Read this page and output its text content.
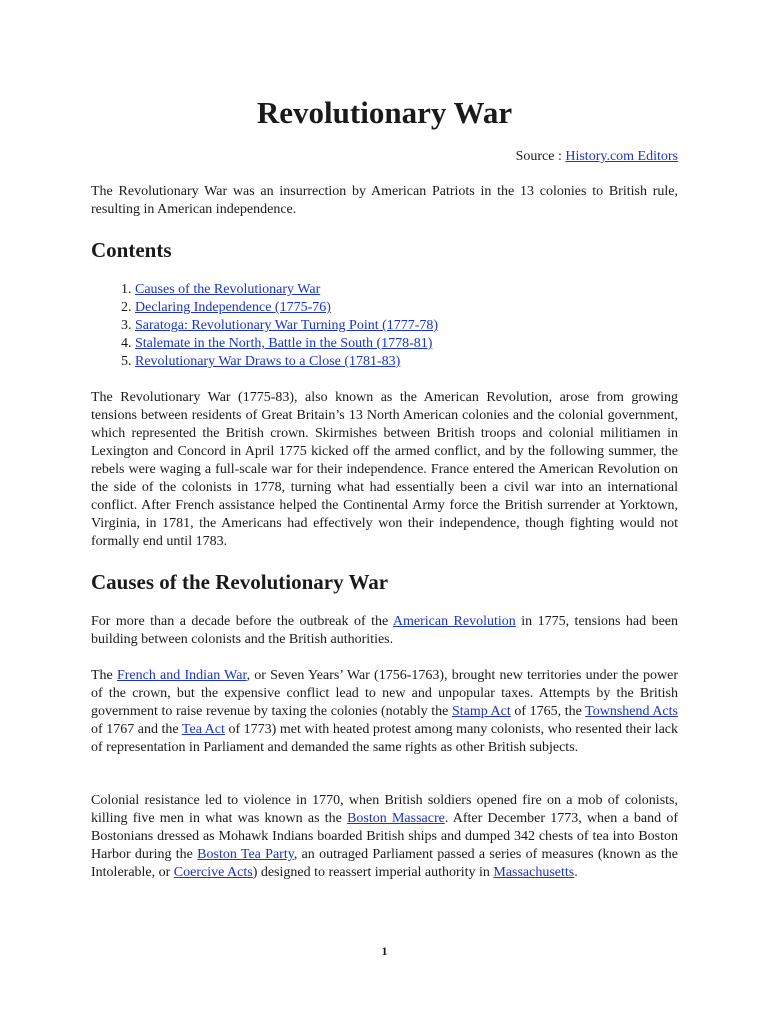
Revolutionary War
Source : History.com Editors

The Revolutionary War was an insurrection by American Patriots in the 13 colonies to British rule, resulting in American independence.

Contents
1. Causes of the Revolutionary War
2. Declaring Independence (1775-76)
3. Saratoga: Revolutionary War Turning Point (1777-78)
4. Stalemate in the North, Battle in the South (1778-81)
5. Revolutionary War Draws to a Close (1781-83)

The Revolutionary War (1775-83), also known as the American Revolution, arose from growing tensions between residents of Great Britain’s 13 North American colonies and the colonial government, which represented the British crown. Skirmishes between British troops and colonial militiamen in Lexington and Concord in April 1775 kicked off the armed conflict, and by the following summer, the rebels were waging a full-scale war for their independence. France entered the American Revolution on the side of the colonists in 1778, turning what had essentially been a civil war into an international conflict. After French assistance helped the Continental Army force the British surrender at Yorktown, Virginia, in 1781, the Americans had effectively won their independence, though fighting would not formally end until 1783.

Causes of the Revolutionary War

For more than a decade before the outbreak of the American Revolution in 1775, tensions had been building between colonists and the British authorities.

The French and Indian War, or Seven Years’ War (1756-1763), brought new territories under the power of the crown, but the expensive conflict lead to new and unpopular taxes. Attempts by the British government to raise revenue by taxing the colonies (notably the Stamp Act of 1765, the Townshend Acts of 1767 and the Tea Act of 1773) met with heated protest among many colonists, who resented their lack of representation in Parliament and demanded the same rights as other British subjects.

Colonial resistance led to violence in 1770, when British soldiers opened fire on a mob of colonists, killing five men in what was known as the Boston Massacre. After December 1773, when a band of Bostonians dressed as Mohawk Indians boarded British ships and dumped 342 chests of tea into Boston Harbor during the Boston Tea Party, an outraged Parliament passed a series of measures (known as the Intolerable, or Coercive Acts) designed to reassert imperial authority in Massachusetts.

1
